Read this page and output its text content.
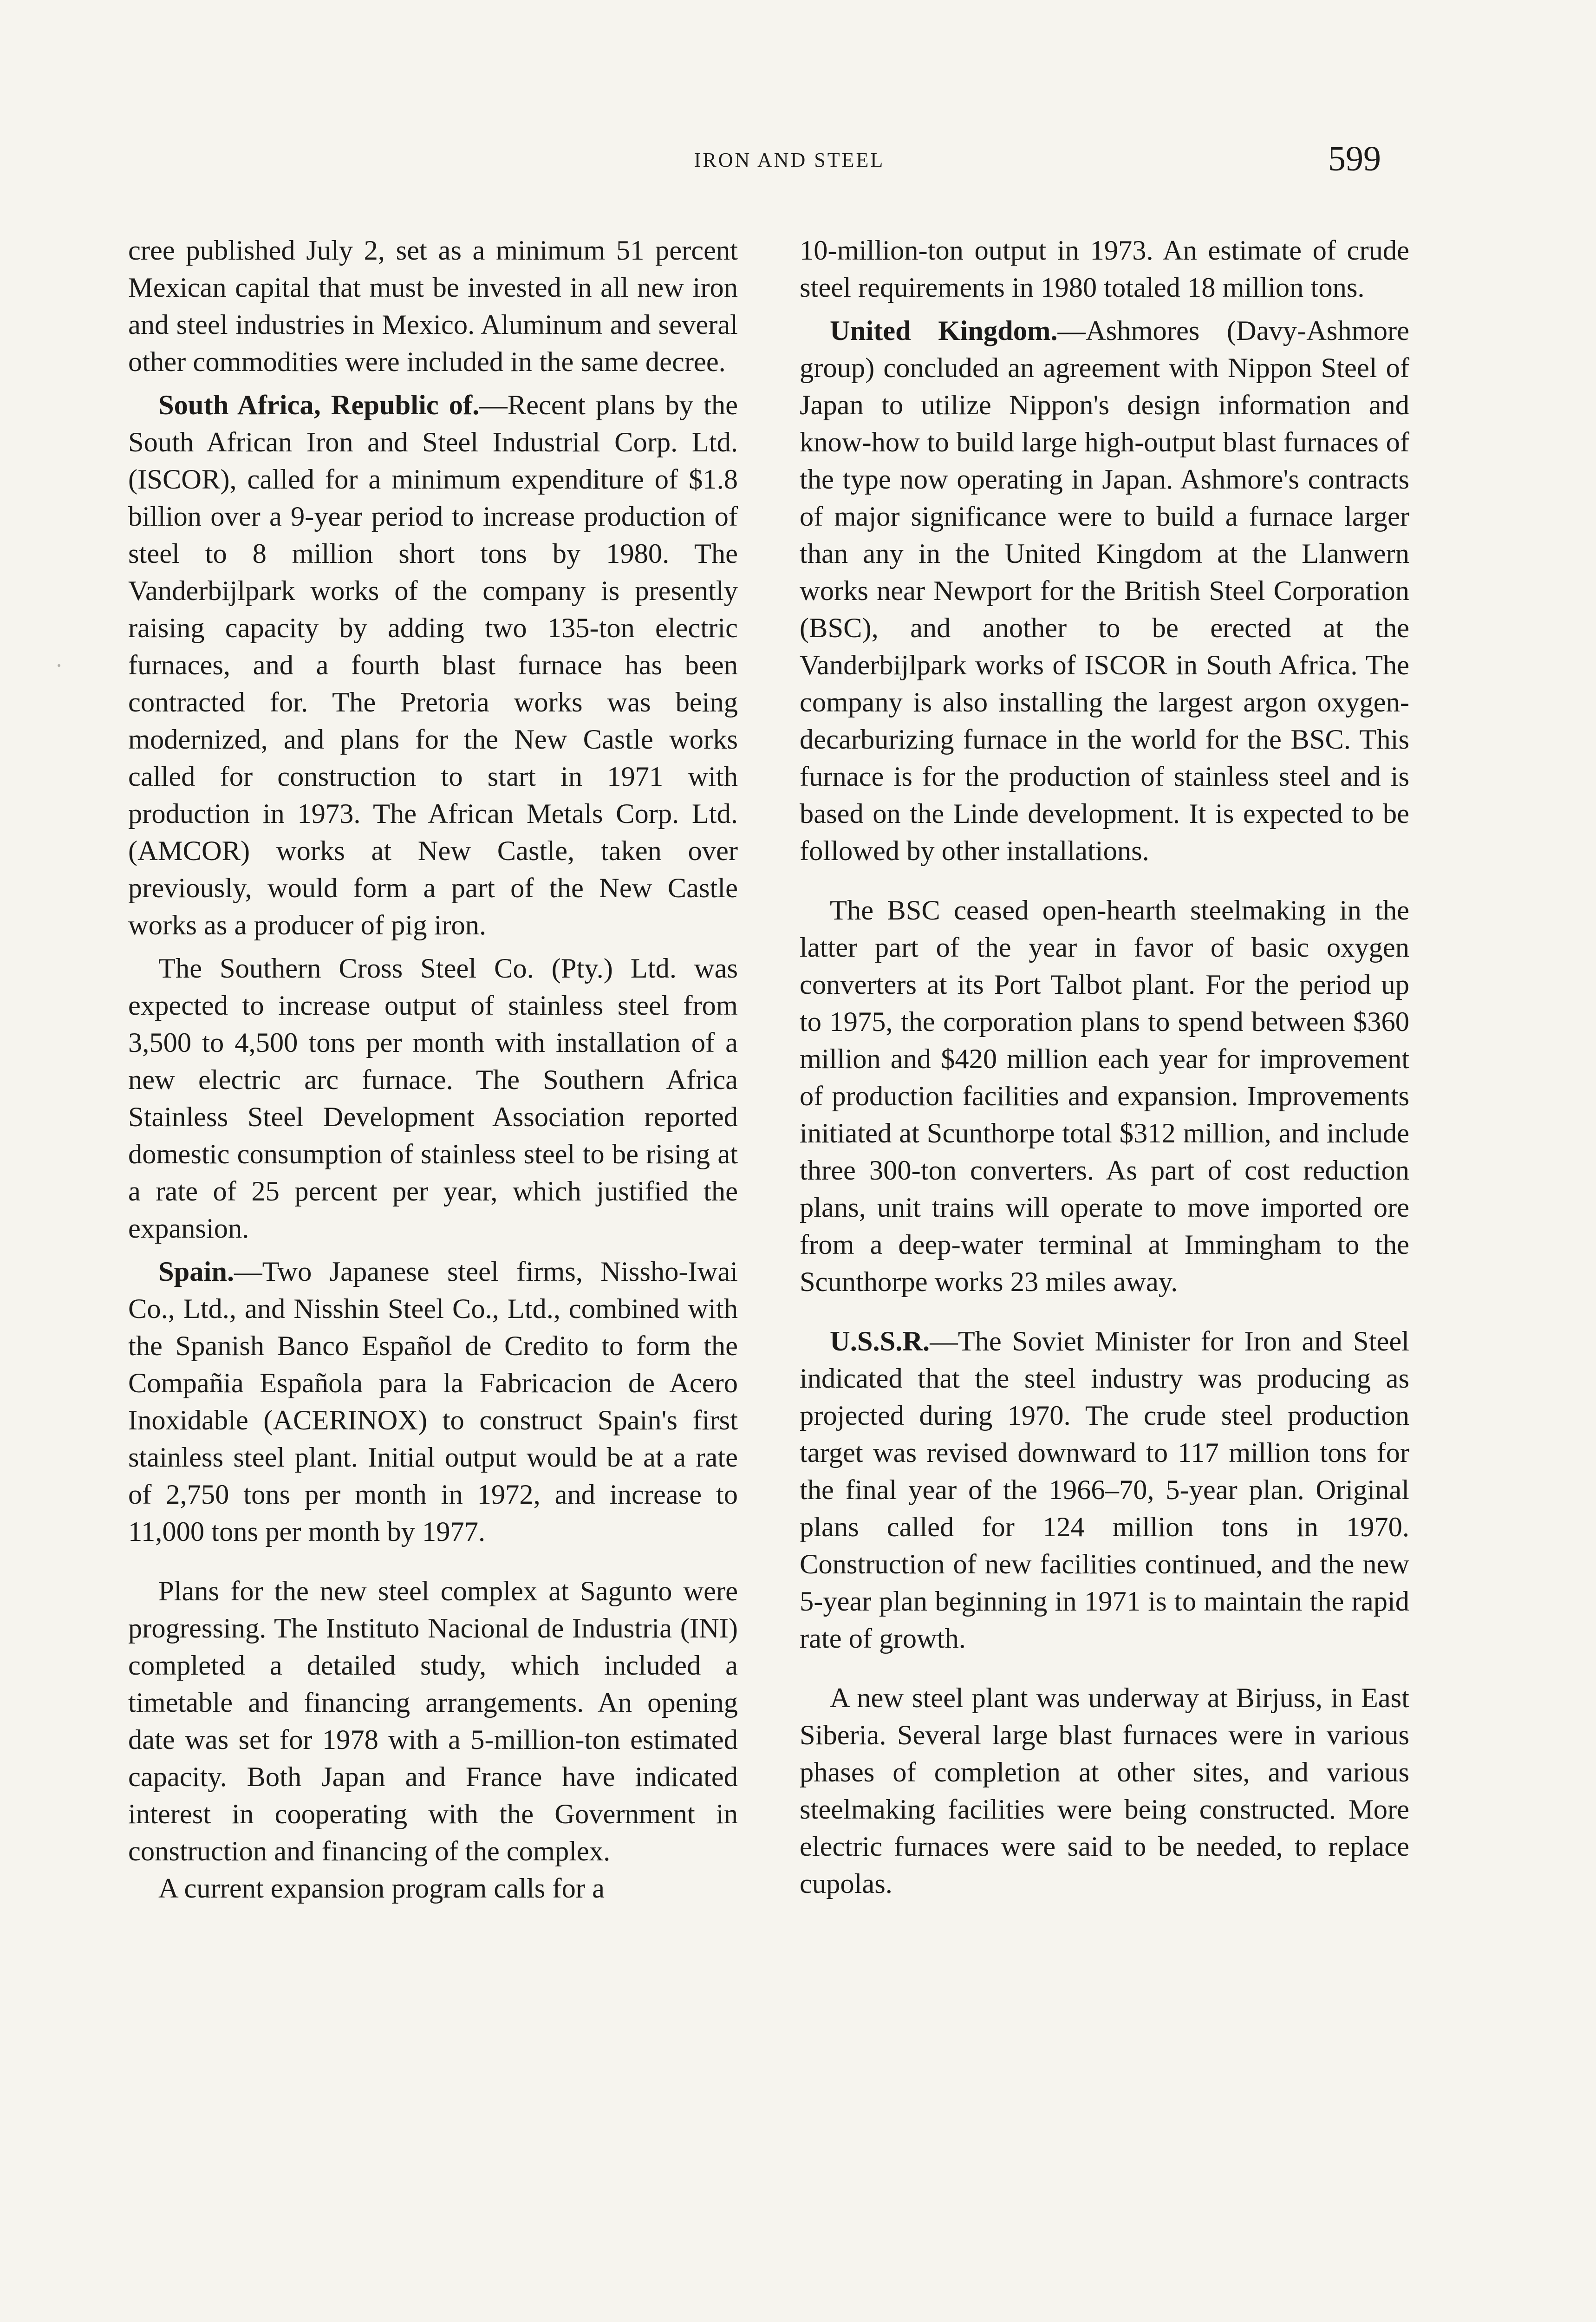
IRON AND STEEL	599

cree published July 2, set as a minimum 51 percent Mexican capital that must be invested in all new iron and steel industries in Mexico. Aluminum and several other commodities were included in the same decree.

South Africa, Republic of.—Recent plans by the South African Iron and Steel Industrial Corp. Ltd. (ISCOR), called for a minimum expenditure of $1.8 billion over a 9-year period to increase production of steel to 8 million short tons by 1980. The Vanderbijlpark works of the company is presently raising capacity by adding two 135-ton electric furnaces, and a fourth blast furnace has been contracted for. The Pretoria works was being modernized, and plans for the New Castle works called for construction to start in 1971 with production in 1973. The African Metals Corp. Ltd. (AMCOR) works at New Castle, taken over previously, would form a part of the New Castle works as a producer of pig iron.

The Southern Cross Steel Co. (Pty.) Ltd. was expected to increase output of stainless steel from 3,500 to 4,500 tons per month with installation of a new electric arc furnace. The Southern Africa Stainless Steel Development Association reported domestic consumption of stainless steel to be rising at a rate of 25 percent per year, which justified the expansion.

Spain.—Two Japanese steel firms, Nissho-Iwai Co., Ltd., and Nisshin Steel Co., Ltd., combined with the Spanish Banco Español de Credito to form the Compañia Española para la Fabricacion de Acero Inoxidable (ACERINOX) to construct Spain's first stainless steel plant. Initial output would be at a rate of 2,750 tons per month in 1972, and increase to 11,000 tons per month by 1977.

Plans for the new steel complex at Sagunto were progressing. The Instituto Nacional de Industria (INI) completed a detailed study, which included a timetable and financing arrangements. An opening date was set for 1978 with a 5-million-ton estimated capacity. Both Japan and France have indicated interest in cooperating with the Government in construction and financing of the complex.

A current expansion program calls for a

10-million-ton output in 1973. An estimate of crude steel requirements in 1980 totaled 18 million tons.

United Kingdom.—Ashmores (Davy-Ashmore group) concluded an agreement with Nippon Steel of Japan to utilize Nippon's design information and know-how to build large high-output blast furnaces of the type now operating in Japan. Ashmore's contracts of major significance were to build a furnace larger than any in the United Kingdom at the Llanwern works near Newport for the British Steel Corporation (BSC), and another to be erected at the Vanderbijlpark works of ISCOR in South Africa. The company is also installing the largest argon oxygen-decarburizing furnace in the world for the BSC. This furnace is for the production of stainless steel and is based on the Linde development. It is expected to be followed by other installations.

The BSC ceased open-hearth steelmaking in the latter part of the year in favor of basic oxygen converters at its Port Talbot plant. For the period up to 1975, the corporation plans to spend between $360 million and $420 million each year for improvement of production facilities and expansion. Improvements initiated at Scunthorpe total $312 million, and include three 300-ton converters. As part of cost reduction plans, unit trains will operate to move imported ore from a deep-water terminal at Immingham to the Scunthorpe works 23 miles away.

U.S.S.R.—The Soviet Minister for Iron and Steel indicated that the steel industry was producing as projected during 1970. The crude steel production target was revised downward to 117 million tons for the final year of the 1966–70, 5-year plan. Original plans called for 124 million tons in 1970. Construction of new facilities continued, and the new 5-year plan beginning in 1971 is to maintain the rapid rate of growth.

A new steel plant was underway at Birjuss, in East Siberia. Several large blast furnaces were in various phases of completion at other sites, and various steelmaking facilities were being constructed. More electric furnaces were said to be needed, to replace cupolas.
